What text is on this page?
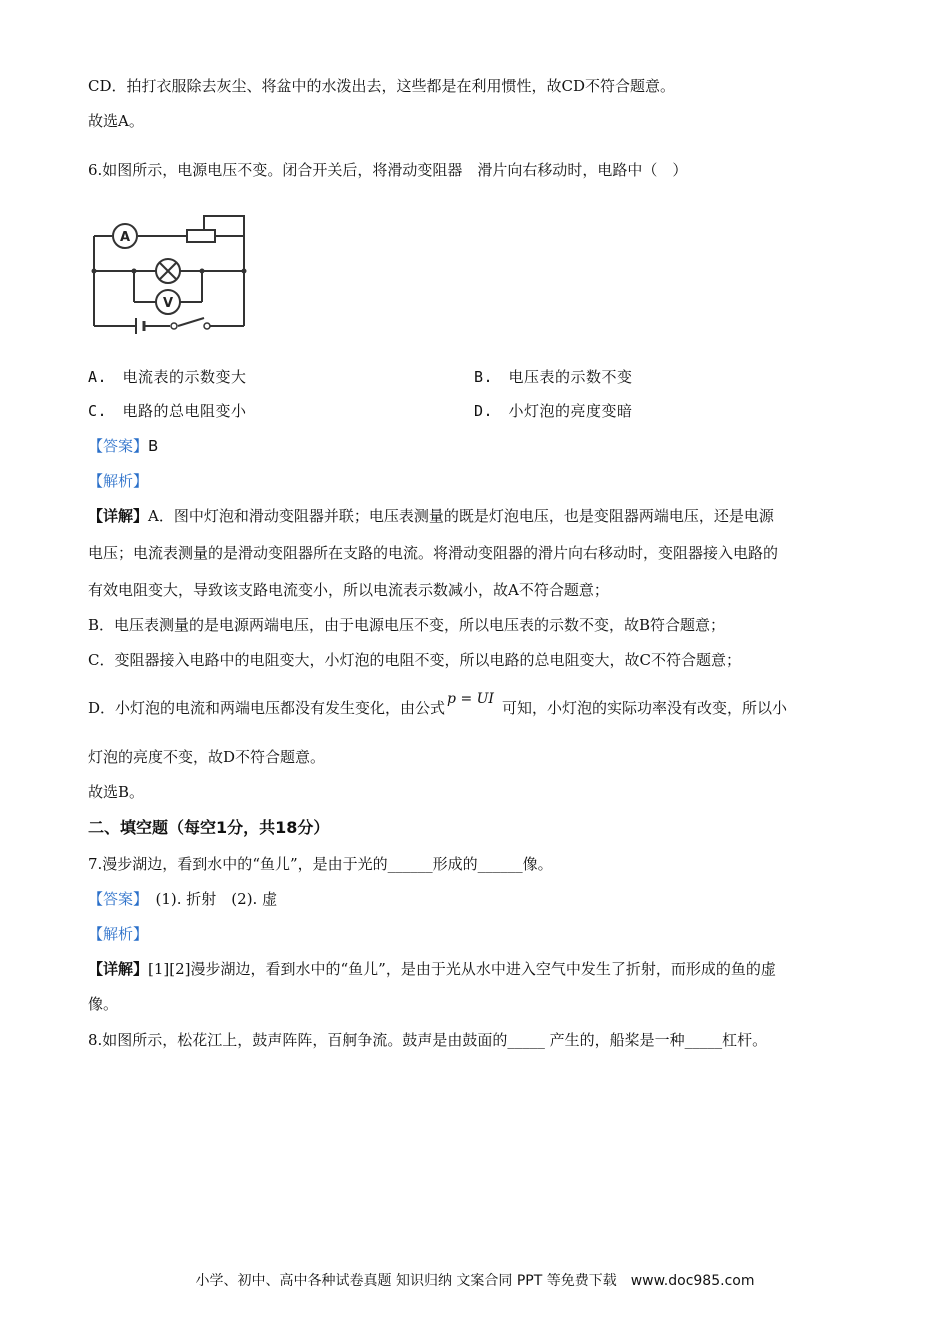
CD．拍打衣服除去灰尘、将盆中的水泼出去，这些都是在利用惯性，故CD不符合题意。
故选A。
6.如图所示，电源电压不变。闭合开关后，将滑动变阻器　滑片向右移动时，电路中（　）
A
V
A.　电流表的示数变大	B.　电压表的示数不变
C.　电路的总电阻变小	D.　小灯泡的亮度变暗
【答案】B
【解析】
【详解】A．图中灯泡和滑动变阻器并联；电压表测量的既是灯泡电压，也是变阻器两端电压，还是电源
电压；电流表测量的是滑动变阻器所在支路的电流。将滑动变阻器的滑片向右移动时，变阻器接入电路的
有效电阻变大，导致该支路电流变小，所以电流表示数减小，故A不符合题意；
B．电压表测量的是电源两端电压，由于电源电压不变，所以电压表的示数不变，故B符合题意；
C．变阻器接入电路中的电阻变大，小灯泡的电阻不变，所以电路的总电阻变大，故C不符合题意；
D．小灯泡的电流和两端电压都没有发生变化，由公式 p = UI 可知，小灯泡的实际功率没有改变，所以小
灯泡的亮度不变，故D不符合题意。
故选B。
二、填空题（每空1分，共18分）
7.漫步湖边，看到水中的“鱼儿”，是由于光的______形成的______像。
【答案】　(1). 折射　(2). 虚
【解析】
【详解】[1][2]漫步湖边，看到水中的“鱼儿”，是由于光从水中进入空气中发生了折射，而形成的鱼的虚
像。
8.如图所示，松花江上，鼓声阵阵，百舸争流。鼓声是由鼓面的_____ 产生的，船桨是一种_____杠杆。
小学、初中、高中各种试卷真题 知识归纳 文案合同 PPT 等免费下载　www.doc985.com
